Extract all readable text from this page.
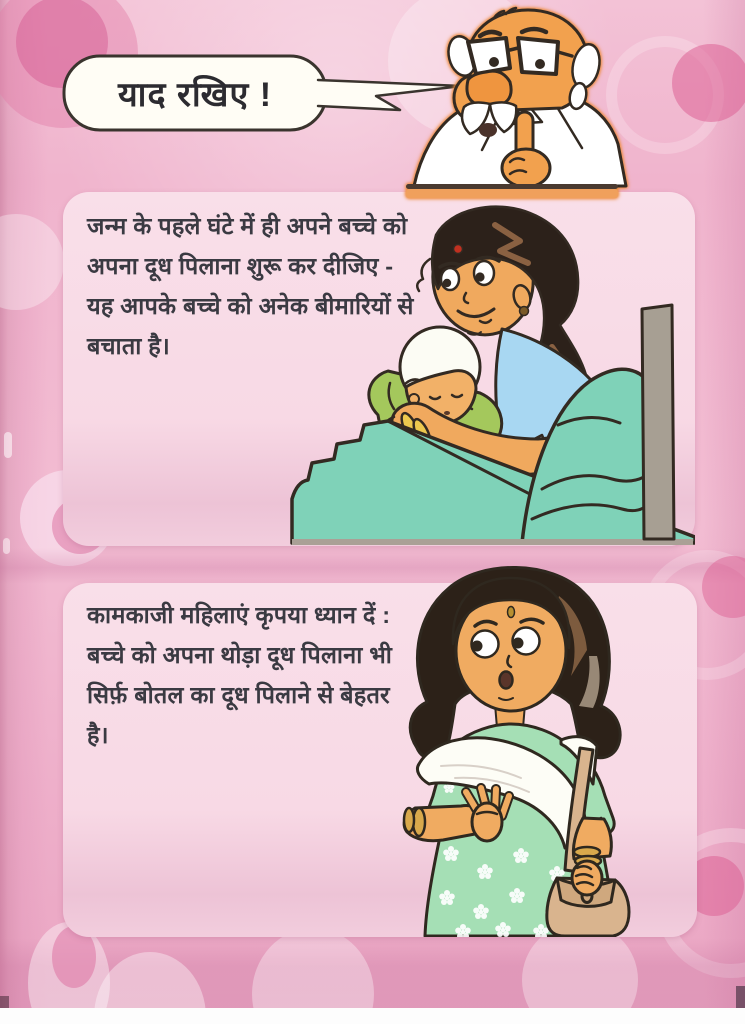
जन्म के पहले घंटे में ही अपने बच्चे को
अपना दूध पिलाना शुरू कर दीजिए -
यह आपके बच्चे को अनेक बीमारियों से
बचाता है।
कामकाजी महिलाएं कृपया ध्यान दें :
बच्चे को अपना थोड़ा दूध पिलाना भी
सिर्फ़ बोतल का दूध पिलाने से बेहतर
है।
याद रखिए !
